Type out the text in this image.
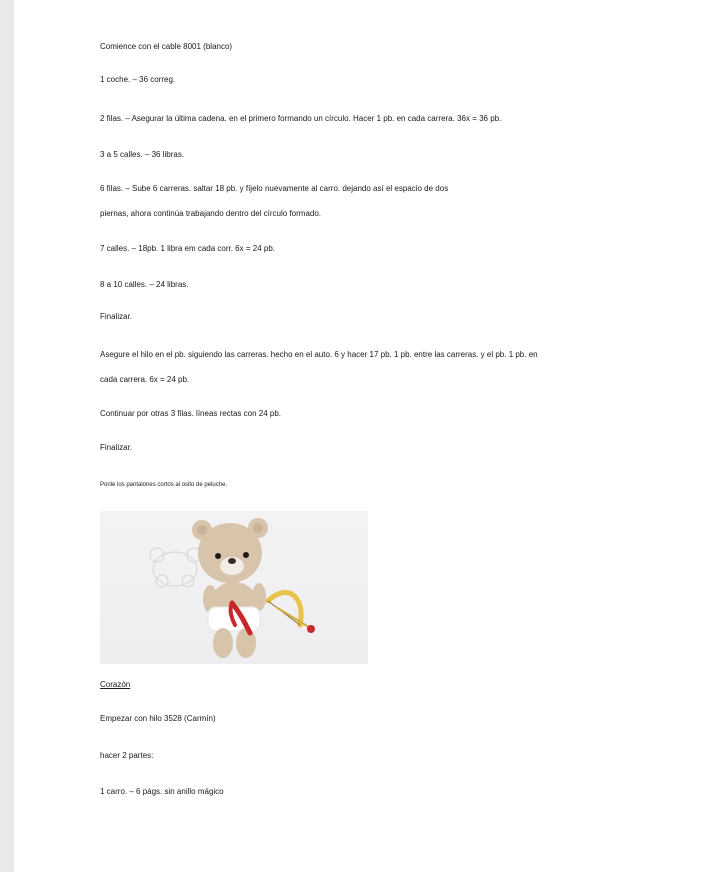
Comience con el cable 8001 (blanco)
1 coche. – 36 correg.
2 filas. – Asegurar la última cadena. en el primero formando un círculo. Hacer 1 pb. en cada carrera. 36x = 36 pb.
3 a 5 calles. – 36 libras.
6 filas. – Sube 6 carreras. saltar 18 pb. y fíjelo nuevamente al carro. dejando así el espacio de dos
piernas, ahora continúa trabajando dentro del círculo formado.
7 calles. – 18pb. 1 libra em cada corr. 6x = 24 pb.
8 a 10 calles. – 24 libras.
Finalizar.
Asegure el hilo en el pb. siguiendo las carreras. hecho en el auto. 6 y hacer 17 pb. 1 pb. entre las carreras. y el pb. 1 pb. en
cada carrera. 6x = 24 pb.
Continuar por otras 3 filas. líneas rectas con 24 pb.
Finalizar.
Ponle los pantalones cortos al osito de peluche.
Corazón
Empezar con hilo 3528 (Carmín)
hacer 2 partes:
1 carro. – 6 págs. sin anillo mágico
